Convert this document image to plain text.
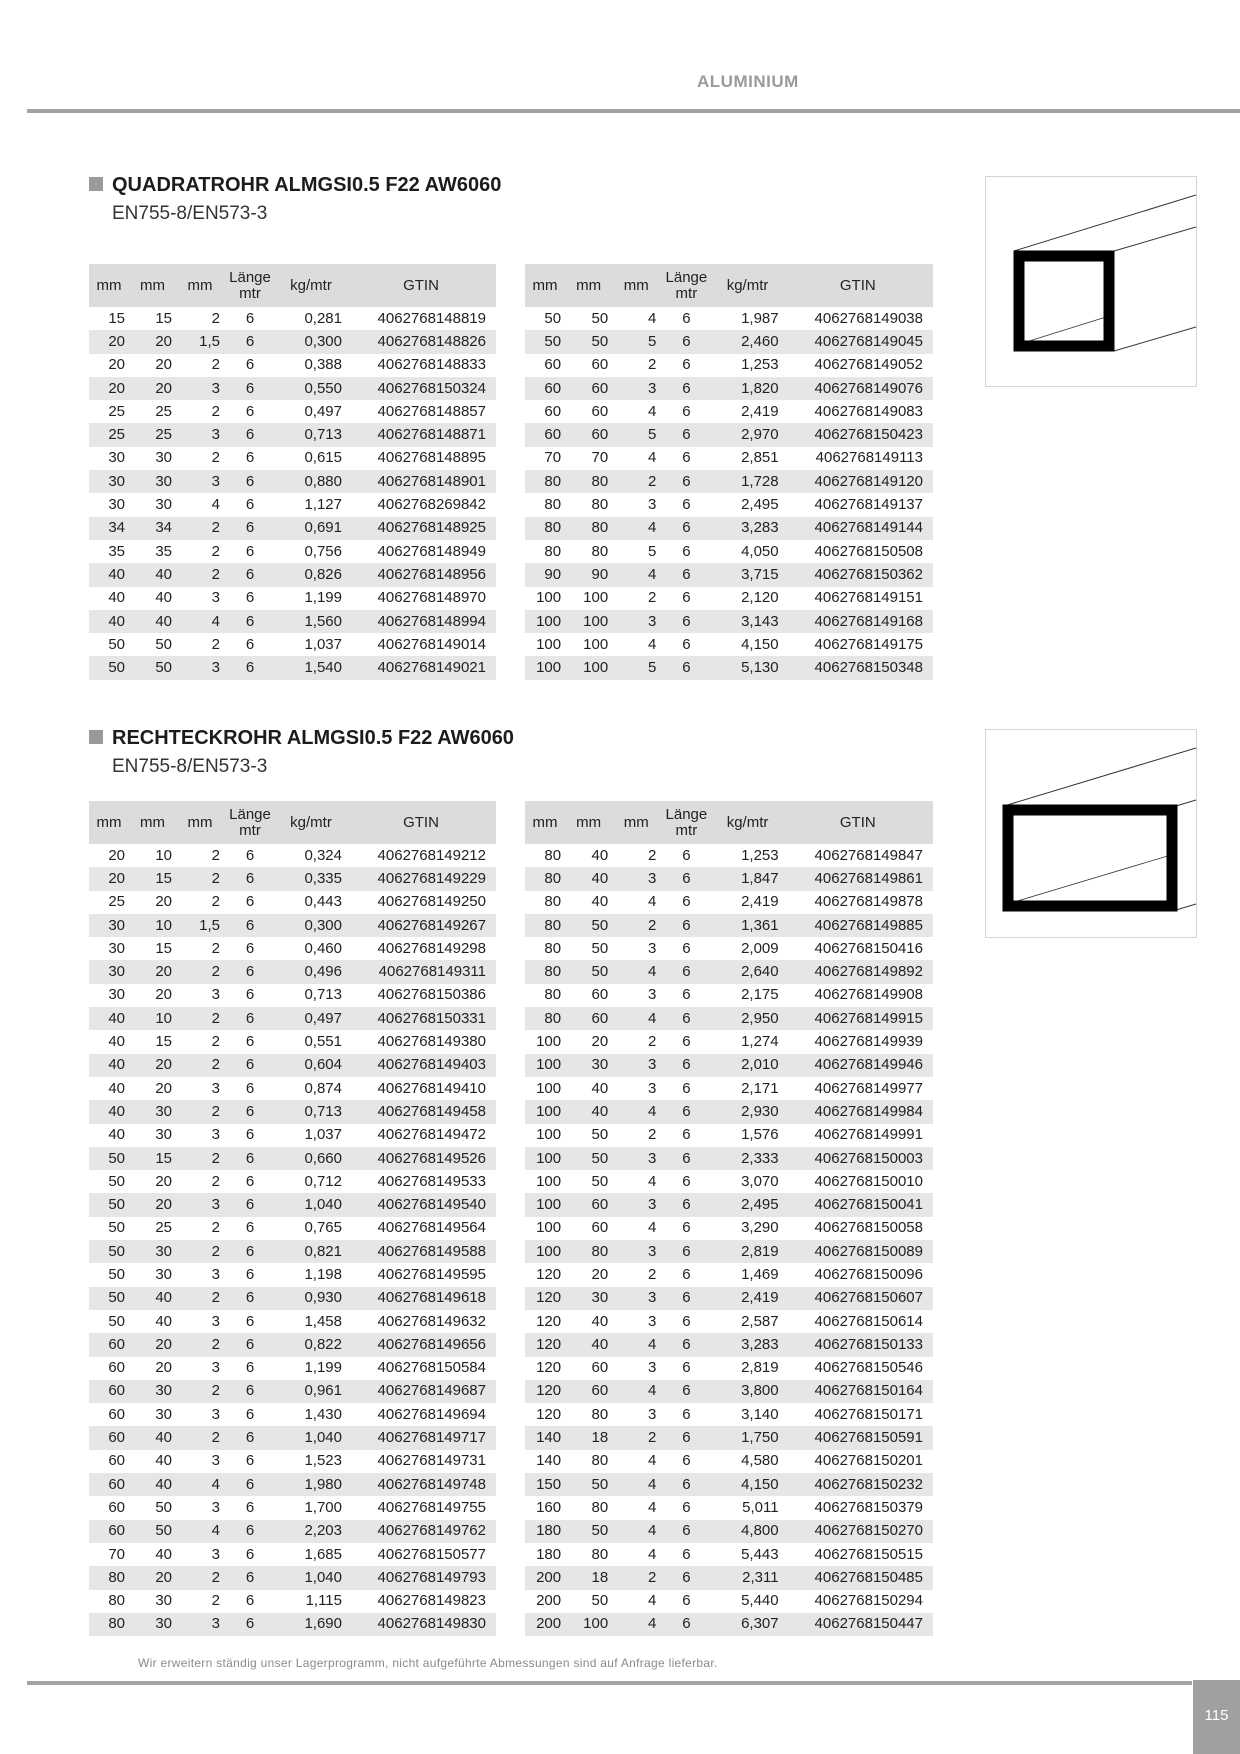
ALUMINIUM
QUADRATROHR ALMGSI0.5 F22 AW6060
EN755-8/EN573-3
mm	mm	mm	Länge
mtr	kg/mtr	GTIN
15	15	2	6	0,281	4062768148819
20	20	1,5	6	0,300	4062768148826
20	20	2	6	0,388	4062768148833
20	20	3	6	0,550	4062768150324
25	25	2	6	0,497	4062768148857
25	25	3	6	0,713	4062768148871
30	30	2	6	0,615	4062768148895
30	30	3	6	0,880	4062768148901
30	30	4	6	1,127	4062768269842
34	34	2	6	0,691	4062768148925
35	35	2	6	0,756	4062768148949
40	40	2	6	0,826	4062768148956
40	40	3	6	1,199	4062768148970
40	40	4	6	1,560	4062768148994
50	50	2	6	1,037	4062768149014
50	50	3	6	1,540	4062768149021
mm	mm	mm	Länge
mtr	kg/mtr	GTIN
50	50	4	6	1,987	4062768149038
50	50	5	6	2,460	4062768149045
60	60	2	6	1,253	4062768149052
60	60	3	6	1,820	4062768149076
60	60	4	6	2,419	4062768149083
60	60	5	6	2,970	4062768150423
70	70	4	6	2,851	4062768149113
80	80	2	6	1,728	4062768149120
80	80	3	6	2,495	4062768149137
80	80	4	6	3,283	4062768149144
80	80	5	6	4,050	4062768150508
90	90	4	6	3,715	4062768150362
100	100	2	6	2,120	4062768149151
100	100	3	6	3,143	4062768149168
100	100	4	6	4,150	4062768149175
100	100	5	6	5,130	4062768150348
RECHTECKROHR ALMGSI0.5 F22 AW6060
EN755-8/EN573-3
mm	mm	mm	Länge
mtr	kg/mtr	GTIN
20	10	2	6	0,324	4062768149212
20	15	2	6	0,335	4062768149229
25	20	2	6	0,443	4062768149250
30	10	1,5	6	0,300	4062768149267
30	15	2	6	0,460	4062768149298
30	20	2	6	0,496	4062768149311
30	20	3	6	0,713	4062768150386
40	10	2	6	0,497	4062768150331
40	15	2	6	0,551	4062768149380
40	20	2	6	0,604	4062768149403
40	20	3	6	0,874	4062768149410
40	30	2	6	0,713	4062768149458
40	30	3	6	1,037	4062768149472
50	15	2	6	0,660	4062768149526
50	20	2	6	0,712	4062768149533
50	20	3	6	1,040	4062768149540
50	25	2	6	0,765	4062768149564
50	30	2	6	0,821	4062768149588
50	30	3	6	1,198	4062768149595
50	40	2	6	0,930	4062768149618
50	40	3	6	1,458	4062768149632
60	20	2	6	0,822	4062768149656
60	20	3	6	1,199	4062768150584
60	30	2	6	0,961	4062768149687
60	30	3	6	1,430	4062768149694
60	40	2	6	1,040	4062768149717
60	40	3	6	1,523	4062768149731
60	40	4	6	1,980	4062768149748
60	50	3	6	1,700	4062768149755
60	50	4	6	2,203	4062768149762
70	40	3	6	1,685	4062768150577
80	20	2	6	1,040	4062768149793
80	30	2	6	1,115	4062768149823
80	30	3	6	1,690	4062768149830
mm	mm	mm	Länge
mtr	kg/mtr	GTIN
80	40	2	6	1,253	4062768149847
80	40	3	6	1,847	4062768149861
80	40	4	6	2,419	4062768149878
80	50	2	6	1,361	4062768149885
80	50	3	6	2,009	4062768150416
80	50	4	6	2,640	4062768149892
80	60	3	6	2,175	4062768149908
80	60	4	6	2,950	4062768149915
100	20	2	6	1,274	4062768149939
100	30	3	6	2,010	4062768149946
100	40	3	6	2,171	4062768149977
100	40	4	6	2,930	4062768149984
100	50	2	6	1,576	4062768149991
100	50	3	6	2,333	4062768150003
100	50	4	6	3,070	4062768150010
100	60	3	6	2,495	4062768150041
100	60	4	6	3,290	4062768150058
100	80	3	6	2,819	4062768150089
120	20	2	6	1,469	4062768150096
120	30	3	6	2,419	4062768150607
120	40	3	6	2,587	4062768150614
120	40	4	6	3,283	4062768150133
120	60	3	6	2,819	4062768150546
120	60	4	6	3,800	4062768150164
120	80	3	6	3,140	4062768150171
140	18	2	6	1,750	4062768150591
140	80	4	6	4,580	4062768150201
150	50	4	6	4,150	4062768150232
160	80	4	6	5,011	4062768150379
180	50	4	6	4,800	4062768150270
180	80	4	6	5,443	4062768150515
200	18	2	6	2,311	4062768150485
200	50	4	6	5,440	4062768150294
200	100	4	6	6,307	4062768150447
Wir erweitern ständig unser Lagerprogramm, nicht aufgeführte Abmessungen sind auf Anfrage lieferbar.
115
